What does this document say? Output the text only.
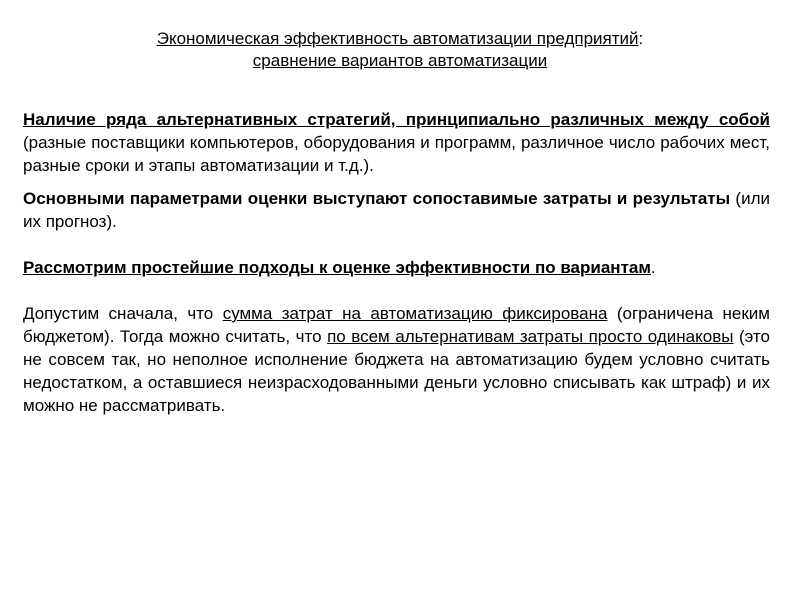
Экономическая эффективность автоматизации предприятий:
сравнение вариантов автоматизации

Наличие ряда альтернативных стратегий, принципиально различных между собой (разные поставщики компьютеров, оборудования и программ, различное число рабочих мест, разные сроки и этапы автоматизации и т.д.).

Основными параметрами оценки выступают сопоставимые затраты и результаты (или их прогноз).

Рассмотрим простейшие подходы к оценке эффективности по вариантам.

Допустим сначала, что сумма затрат на автоматизацию фиксирована (ограничена неким бюджетом). Тогда можно считать, что по всем альтернативам затраты просто одинаковы (это не совсем так, но неполное исполнение бюджета на автоматизацию будем условно считать недостатком, а оставшиеся неизрасходованными деньги условно списывать как штраф) и их можно не рассматривать.
